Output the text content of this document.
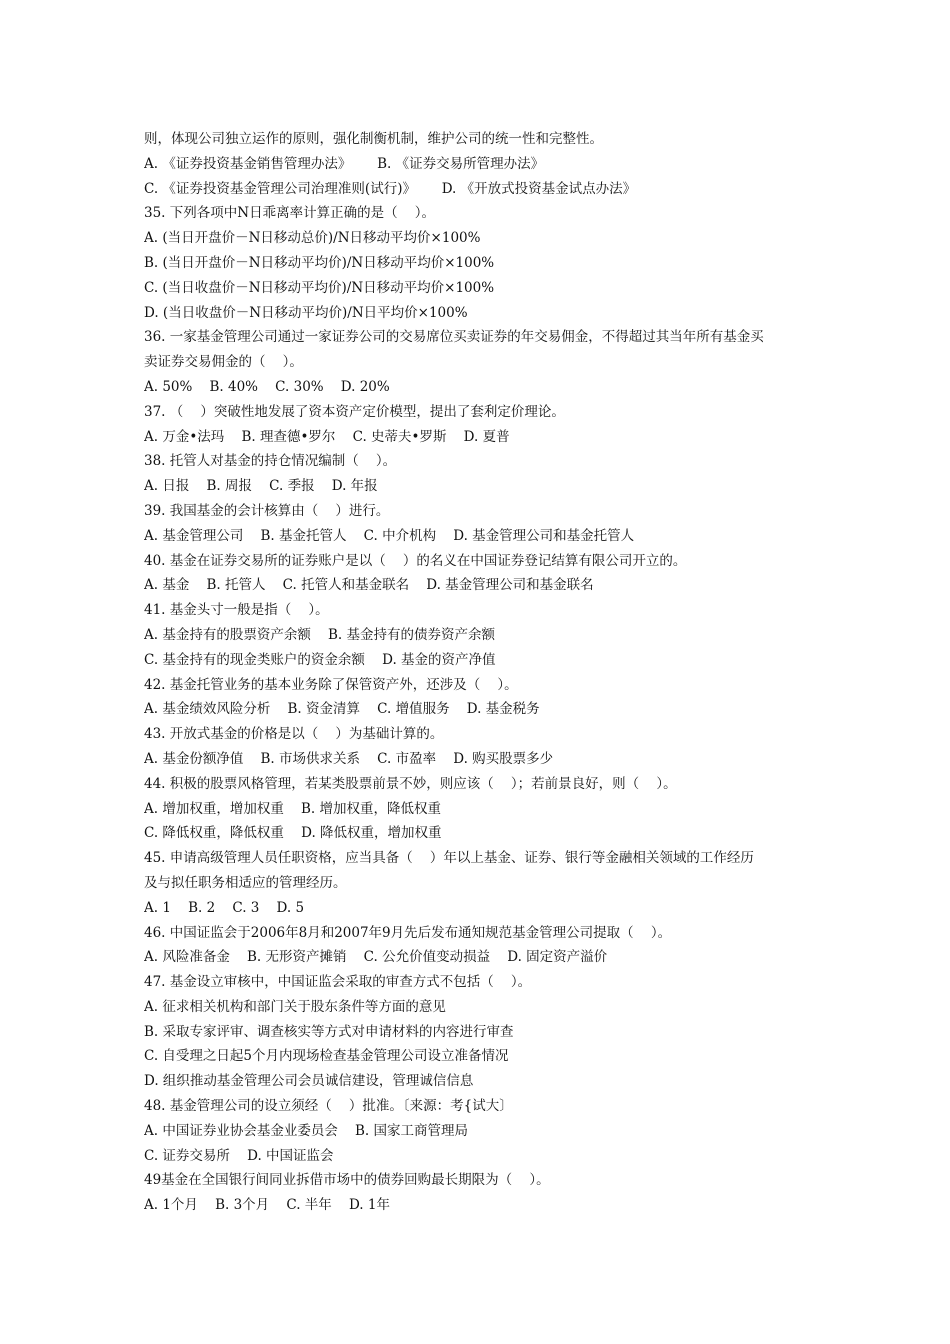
则，体现公司独立运作的原则，强化制衡机制，维护公司的统一性和完整性。
A. 《证券投资基金销售管理办法》      B. 《证券交易所管理办法》
C. 《证券投资基金管理公司治理准则(试行)》      D. 《开放式投资基金试点办法》
35. 下列各项中N日乖离率计算正确的是（    ）。
A. (当日开盘价－N日移动总价)/N日移动平均价×100%
B. (当日开盘价－N日移动平均价)/N日移动平均价×100%
C. (当日收盘价－N日移动平均价)/N日移动平均价×100%
D. (当日收盘价－N日移动平均价)/N日平均价×100%
36. 一家基金管理公司通过一家证券公司的交易席位买卖证券的年交易佣金，不得超过其当年所有基金买
卖证券交易佣金的（    ）。
A. 50%    B. 40%    C. 30%    D. 20%
37. （    ）突破性地发展了资本资产定价模型，提出了套利定价理论。
A. 万金•法玛    B. 理查德•罗尔    C. 史蒂夫•罗斯    D. 夏普
38. 托管人对基金的持仓情况编制（    ）。
A. 日报    B. 周报    C. 季报    D. 年报
39. 我国基金的会计核算由（    ）进行。
A. 基金管理公司    B. 基金托管人    C. 中介机构    D. 基金管理公司和基金托管人
40. 基金在证券交易所的证券账户是以（    ）的名义在中国证券登记结算有限公司开立的。
A. 基金    B. 托管人    C. 托管人和基金联名    D. 基金管理公司和基金联名
41. 基金头寸一般是指（    ）。
A. 基金持有的股票资产余额    B. 基金持有的债券资产余额
C. 基金持有的现金类账户的资金余额    D. 基金的资产净值
42. 基金托管业务的基本业务除了保管资产外，还涉及（    ）。
A. 基金绩效风险分析    B. 资金清算    C. 增值服务    D. 基金税务
43. 开放式基金的价格是以（    ）为基础计算的。
A. 基金份额净值    B. 市场供求关系    C. 市盈率    D. 购买股票多少
44. 积极的股票风格管理，若某类股票前景不妙，则应该（    ）；若前景良好，则（    ）。
A. 增加权重，增加权重    B. 增加权重，降低权重
C. 降低权重，降低权重    D. 降低权重，增加权重
45. 申请高级管理人员任职资格，应当具备（    ）年以上基金、证券、银行等金融相关领域的工作经历
及与拟任职务相适应的管理经历。
A. 1    B. 2    C. 3    D. 5
46. 中国证监会于2006年8月和2007年9月先后发布通知规范基金管理公司提取（    ）。
A. 风险准备金    B. 无形资产摊销    C. 公允价值变动损益    D. 固定资产溢价
47. 基金设立审核中，中国证监会采取的审查方式不包括（    ）。
A. 征求相关机构和部门关于股东条件等方面的意见
B. 采取专家评审、调查核实等方式对申请材料的内容进行审查
C. 自受理之日起5个月内现场检查基金管理公司设立准备情况
D. 组织推动基金管理公司会员诚信建设，管理诚信信息
48. 基金管理公司的设立须经（    ）批准。〔来源：考{试大〕
A. 中国证券业协会基金业委员会    B. 国家工商管理局
C. 证券交易所    D. 中国证监会
49基金在全国银行间同业拆借市场中的债券回购最长期限为（    ）。
A. 1个月    B. 3个月    C. 半年    D. 1年
